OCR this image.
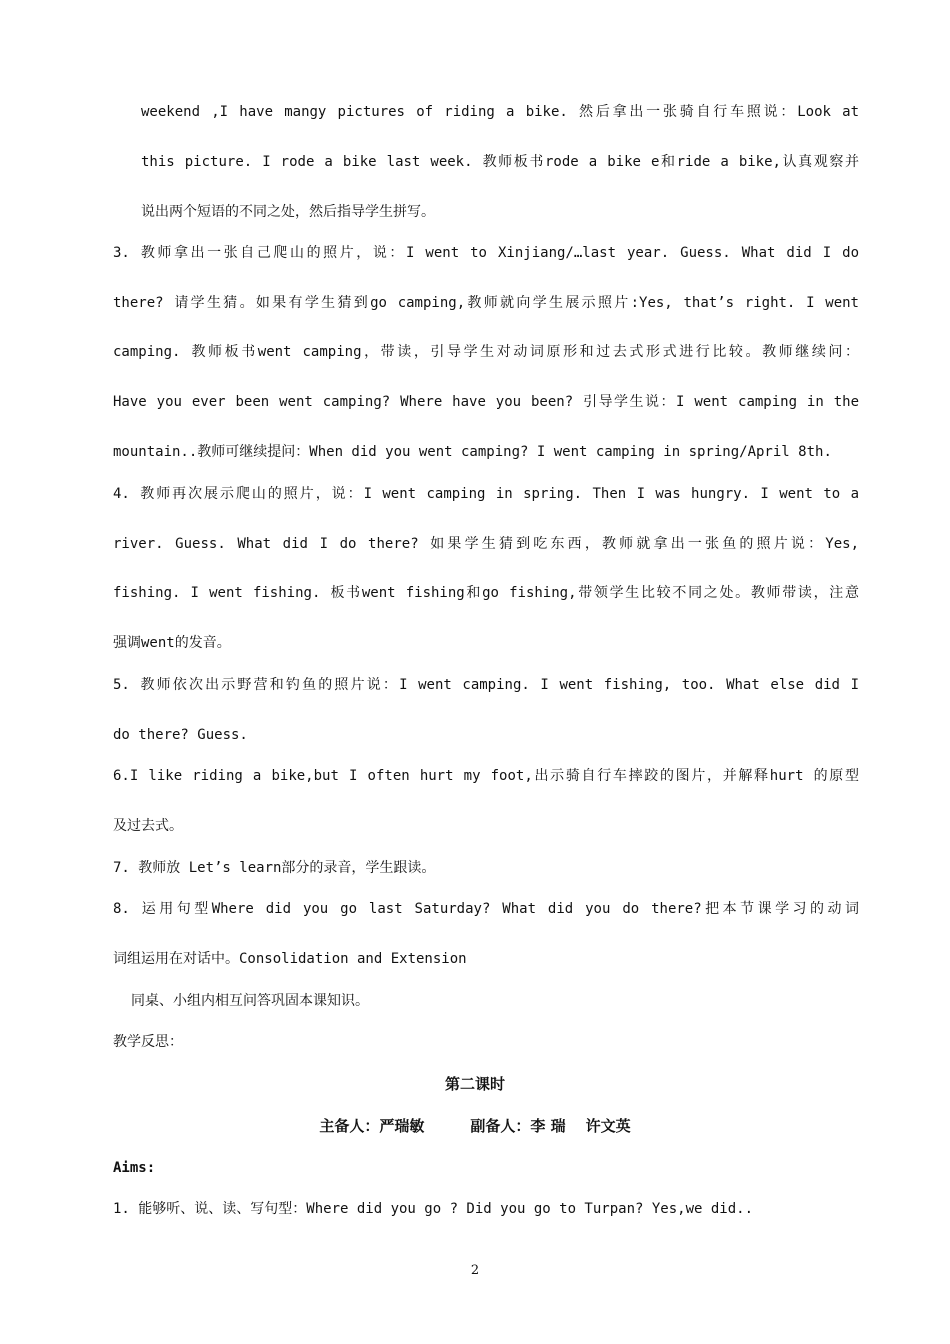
weekend ,I have mangy pictures of riding a bike. 然后拿出一张骑自行车照说：Look at
this picture. I rode a bike last week. 教师板书rode a bike e和ride a bike,认真观察并
说出两个短语的不同之处，然后指导学生拼写。
3. 教师拿出一张自己爬山的照片，说：I went to Xinjiang/…last year. Guess. What did I do
there? 请学生猜。如果有学生猜到go camping,教师就向学生展示照片:Yes, that’s right. I went
camping. 教师板书went camping，带读，引导学生对动词原形和过去式形式进行比较。教师继续问：
Have you ever been went camping? Where have you been? 引导学生说：I went camping in the
mountain..教师可继续提问：When did you went camping? I went camping in spring/April 8th.
4. 教师再次展示爬山的照片，说：I went camping in spring. Then I was hungry. I went to a
river. Guess. What did I do there? 如果学生猜到吃东西，教师就拿出一张鱼的照片说：Yes,
fishing. I went fishing. 板书went fishing和go fishing,带领学生比较不同之处。教师带读，注意
强调went的发音。
5. 教师依次出示野营和钓鱼的照片说：I went camping. I went fishing, too. What else did I
do there? Guess.
6.I like riding a bike,but I often hurt my foot,出示骑自行车摔跤的图片，并解释hurt 的原型
及过去式。
7. 教师放 Let’s learn部分的录音，学生跟读。
8. 运用句型Where did you go last Saturday? What did you do there?把本节课学习的动词
词组运用在对话中。Consolidation and Extension
同桌、小组内相互问答巩固本课知识。
教学反思：
第二课时
主备人：严瑞敏	副备人：李 瑞 许文英
Aims:
1. 能够听、说、读、写句型：Where did you go ? Did you go to Turpan? Yes,we did..
2
